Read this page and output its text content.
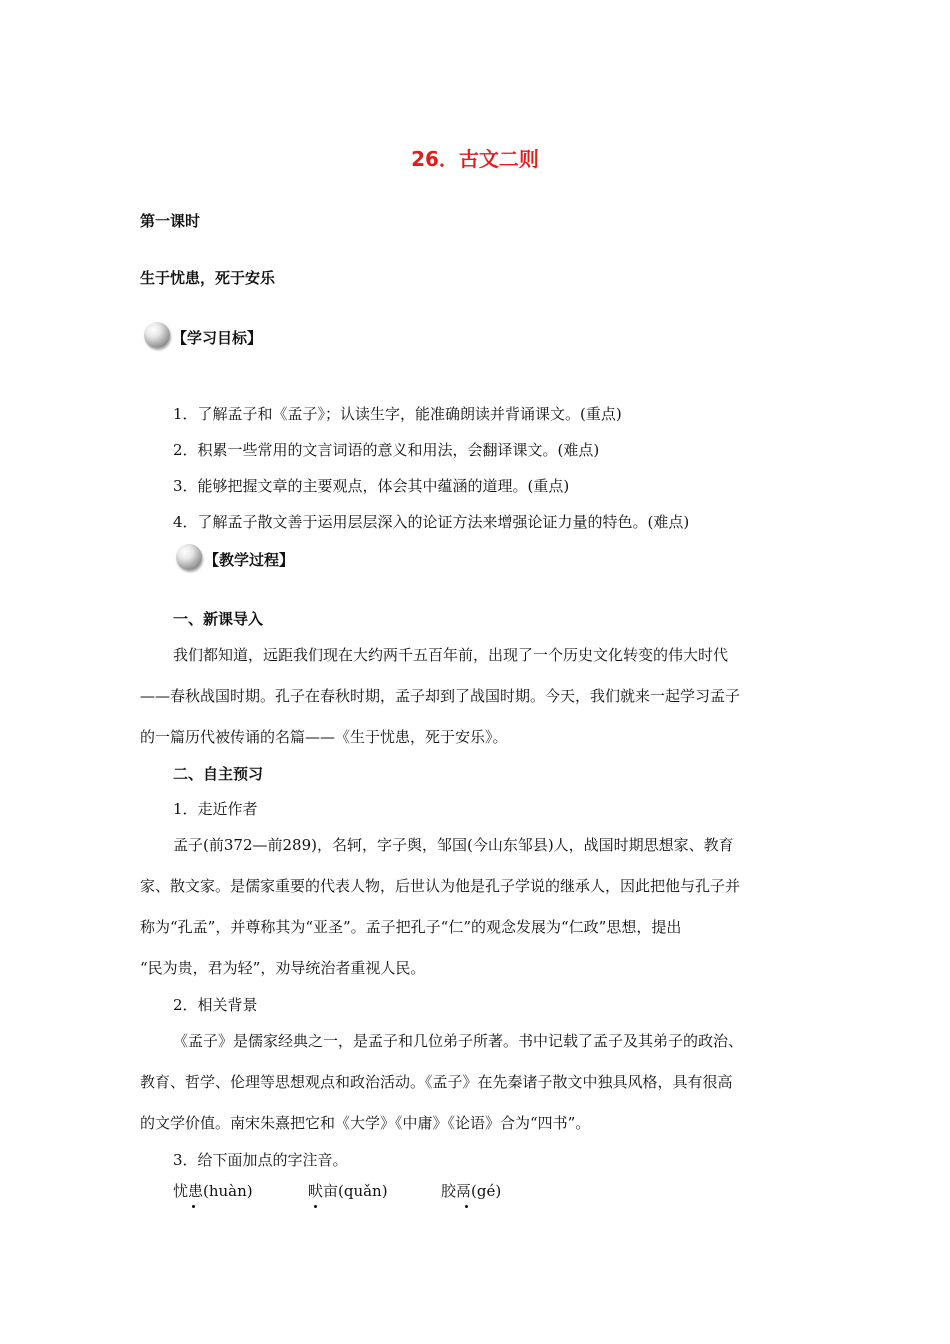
26．古文二则
第一课时
生于忧患，死于安乐
【学习目标】
1．了解孟子和《孟子》；认读生字，能准确朗读并背诵课文。(重点)
2．积累一些常用的文言词语的意义和用法，会翻译课文。(难点)
3．能够把握文章的主要观点，体会其中蕴涵的道理。(重点)
4．了解孟子散文善于运用层层深入的论证方法来增强论证力量的特色。(难点)
【教学过程】
一、新课导入
我们都知道，远距我们现在大约两千五百年前，出现了一个历史文化转变的伟大时代
——春秋战国时期。孔子在春秋时期，孟子却到了战国时期。今天，我们就来一起学习孟子
的一篇历代被传诵的名篇——《生于忧患，死于安乐》。
二、自主预习
1．走近作者
孟子(前372—前289)，名轲，字子舆，邹国(今山东邹县)人，战国时期思想家、教育
家、散文家。是儒家重要的代表人物，后世认为他是孔子学说的继承人，因此把他与孔子并
称为“孔孟”，并尊称其为“亚圣”。孟子把孔子“仁”的观念发展为“仁政”思想，提出
“民为贵，君为轻”，劝导统治者重视人民。
2．相关背景
《孟子》是儒家经典之一，是孟子和几位弟子所著。书中记载了孟子及其弟子的政治、
教育、哲学、伦理等思想观点和政治活动。《孟子》在先秦诸子散文中独具风格，具有很高
的文学价值。南宋朱熹把它和《大学》《中庸》《论语》合为“四书”。
3．给下面加点的字注音。
忧患(huàn)	畎亩(quǎn)	胶鬲(gé)
